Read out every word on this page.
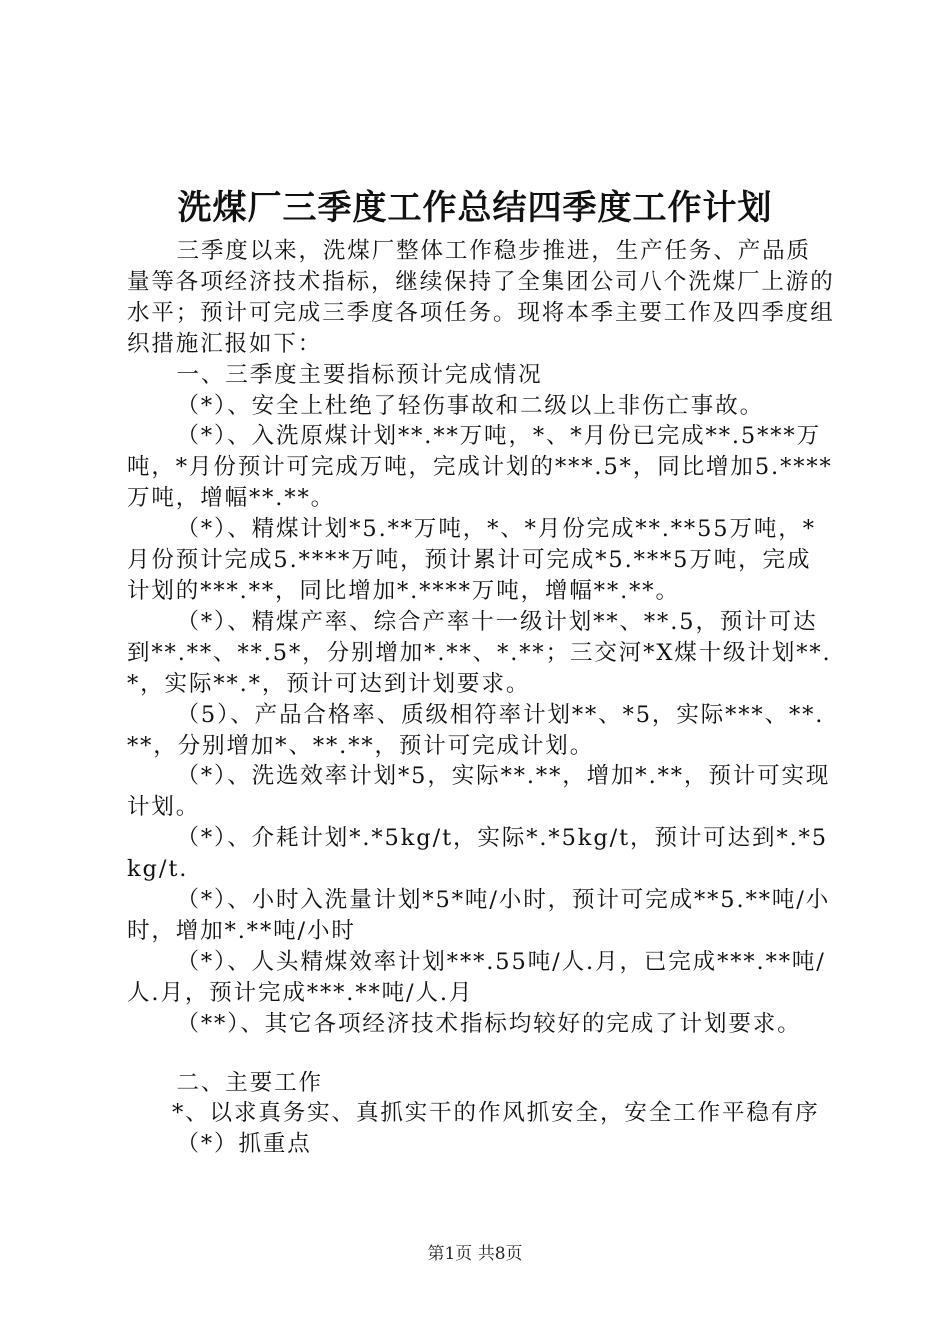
洗煤厂三季度工作总结四季度工作计划

三季度以来，洗煤厂整体工作稳步推进，生产任务、产品质量等各项经济技术指标，继续保持了全集团公司八个洗煤厂上游的水平；预计可完成三季度各项任务。现将本季主要工作及四季度组织措施汇报如下：

一、三季度主要指标预计完成情况

（*）、安全上杜绝了轻伤事故和二级以上非伤亡事故。

（*）、入洗原煤计划**.**万吨，*、*月份已完成**.5***万吨，*月份预计可完成万吨，完成计划的***.5*，同比增加5.****万吨，增幅**.**。

（*）、精煤计划*5.**万吨，*、*月份完成**.**55万吨，*月份预计完成5.****万吨，预计累计可完成*5.***5万吨，完成计划的***.**，同比增加*.****万吨，增幅**.**。

（*）、精煤产率、综合产率十一级计划**、**.5，预计可达到**.**、**.5*，分别增加*.**、*.**；三交河*X煤十级计划**.*，实际**.*，预计可达到计划要求。

（5）、产品合格率、质级相符率计划**、*5，实际***、**.**，分别增加*、**.**，预计可完成计划。

（*）、洗选效率计划*5，实际**.**，增加*.**，预计可实现计划。

（*）、介耗计划*.*5kg/t，实际*.*5kg/t，预计可达到*.*5kg/t.

（*）、小时入洗量计划*5*吨/小时，预计可完成**5.**吨/小时，增加*.**吨/小时

（*）、人头精煤效率计划***.55吨/人.月，已完成***.**吨/人.月，预计完成***.**吨/人.月

（**）、其它各项经济技术指标均较好的完成了计划要求。

二、主要工作

*、以求真务实、真抓实干的作风抓安全，安全工作平稳有序

（*）抓重点

第1页 共8页
